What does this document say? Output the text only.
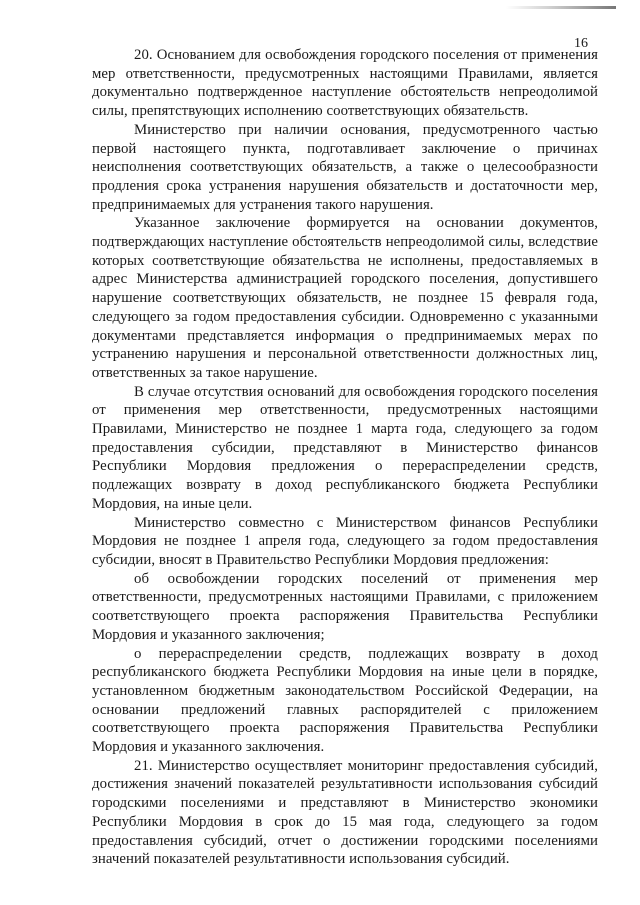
16

20. Основанием для освобождения городского поселения от применения мер ответственности, предусмотренных настоящими Правилами, является документально подтвержденное наступление обстоятельств непреодолимой силы, препятствующих исполнению соответствующих обязательств.

Министерство при наличии основания, предусмотренного частью первой настоящего пункта, подготавливает заключение о причинах неисполнения соответствующих обязательств, а также о целесообразности продления срока устранения нарушения обязательств и достаточности мер, предпринимаемых для устранения такого нарушения.

Указанное заключение формируется на основании документов, подтверждающих наступление обстоятельств непреодолимой силы, вследствие которых соответствующие обязательства не исполнены, предоставляемых в адрес Министерства администрацией городского поселения, допустившего нарушение соответствующих обязательств, не позднее 15 февраля года, следующего за годом предоставления субсидии. Одновременно с указанными документами представляется информация о предпринимаемых мерах по устранению нарушения и персональной ответственности должностных лиц, ответственных за такое нарушение.

В случае отсутствия оснований для освобождения городского поселения от применения мер ответственности, предусмотренных настоящими Правилами, Министерство не позднее 1 марта года, следующего за годом предоставления субсидии, представляют в Министерство финансов Республики Мордовия предложения о перераспределении средств, подлежащих возврату в доход республиканского бюджета Республики Мордовия, на иные цели.

Министерство совместно с Министерством финансов Республики Мордовия не позднее 1 апреля года, следующего за годом предоставления субсидии, вносят в Правительство Республики Мордовия предложения:

об освобождении городских поселений от применения мер ответственности, предусмотренных настоящими Правилами, с приложением соответствующего проекта распоряжения Правительства Республики Мордовия и указанного заключения;

о перераспределении средств, подлежащих возврату в доход республиканского бюджета Республики Мордовия на иные цели в порядке, установленном бюджетным законодательством Российской Федерации, на основании предложений главных распорядителей с приложением соответствующего проекта распоряжения Правительства Республики Мордовия и указанного заключения.

21. Министерство осуществляет мониторинг предоставления субсидий, достижения значений показателей результативности использования субсидий городскими поселениями и представляют в Министерство экономики Республики Мордовия в срок до 15 мая года, следующего за годом предоставления субсидий, отчет о достижении городскими поселениями значений показателей результативности использования субсидий.
